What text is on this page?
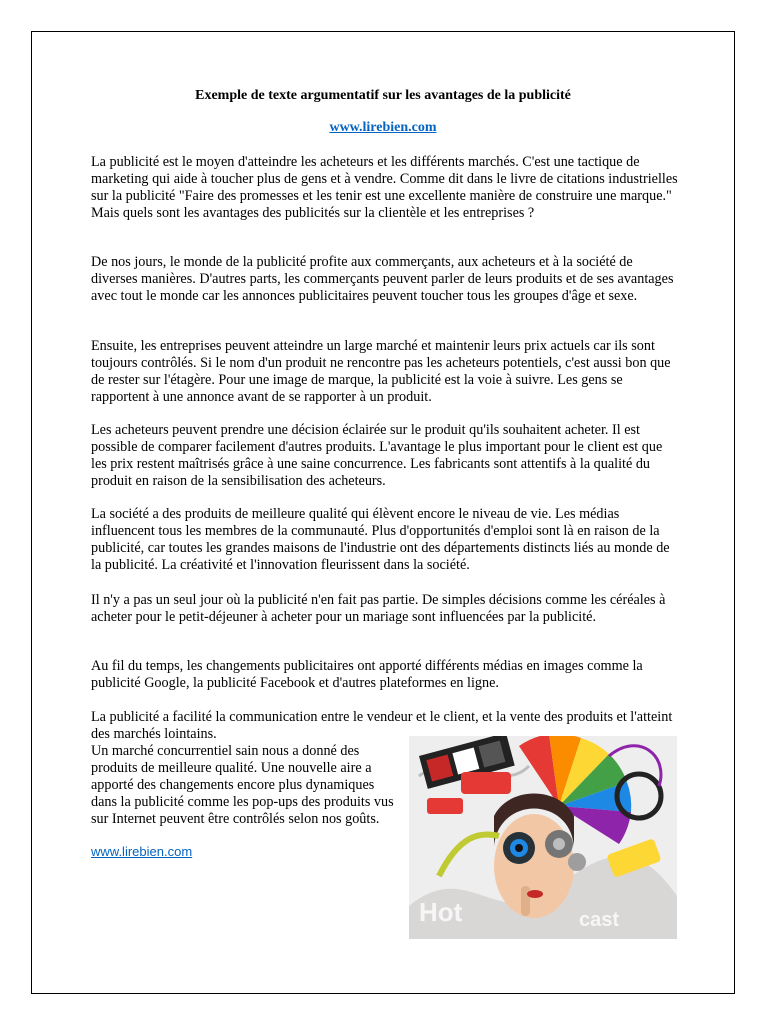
Exemple de texte argumentatif sur les avantages de la publicité
www.lirebien.com

La publicité est le moyen d'atteindre les acheteurs et les différents marchés. C'est une tactique de marketing qui aide à toucher plus de gens et à vendre. Comme dit dans le livre de citations industrielles sur la publicité "Faire des promesses et les tenir est une excellente manière de construire une marque." Mais quels sont les avantages des publicités sur la clientèle et les entreprises ?

De nos jours, le monde de la publicité profite aux commerçants, aux acheteurs et à la société de diverses manières. D'autres parts, les commerçants peuvent parler de leurs produits et de ses avantages avec tout le monde car les annonces publicitaires peuvent toucher tous les groupes d'âge et sexe.

Ensuite, les entreprises peuvent atteindre un large marché et maintenir leurs prix actuels car ils sont toujours contrôlés. Si le nom d'un produit ne rencontre pas les acheteurs potentiels, c'est aussi bon que de rester sur l'étagère. Pour une image de marque, la publicité est la voie à suivre. Les gens se rapportent à une annonce avant de se rapporter à un produit.

Les acheteurs peuvent prendre une décision éclairée sur le produit qu'ils souhaitent acheter. Il est possible de comparer facilement d'autres produits. L'avantage le plus important pour le client est que les prix restent maîtrisés grâce à une saine concurrence. Les fabricants sont attentifs à la qualité du produit en raison de la sensibilisation des acheteurs.

La société a des produits de meilleure qualité qui élèvent encore le niveau de vie. Les médias influencent tous les membres de la communauté. Plus d'opportunités d'emploi sont là en raison de la publicité, car toutes les grandes maisons de l'industrie ont des départements distincts liés au monde de la publicité. La créativité et l'innovation fleurissent dans la société.

Il n'y a pas un seul jour où la publicité n'en fait pas partie. De simples décisions comme les céréales à acheter pour le petit-déjeuner à acheter pour un mariage sont influencées par la publicité.

Au fil du temps, les changements publicitaires ont apporté différents médias en images comme la publicité Google, la publicité Facebook et d'autres plateformes en ligne.

La publicité a facilité la communication entre le vendeur et le client, et la vente des produits et l'atteint des marchés lointains.

Un marché concurrentiel sain nous a donné des produits de meilleure qualité. Une nouvelle aire a apporté des changements encore plus dynamiques dans la publicité comme les pop-ups des produits vus sur Internet peuvent être contrôlés selon nos goûts.

www.lirebien.com
Hot	cast
